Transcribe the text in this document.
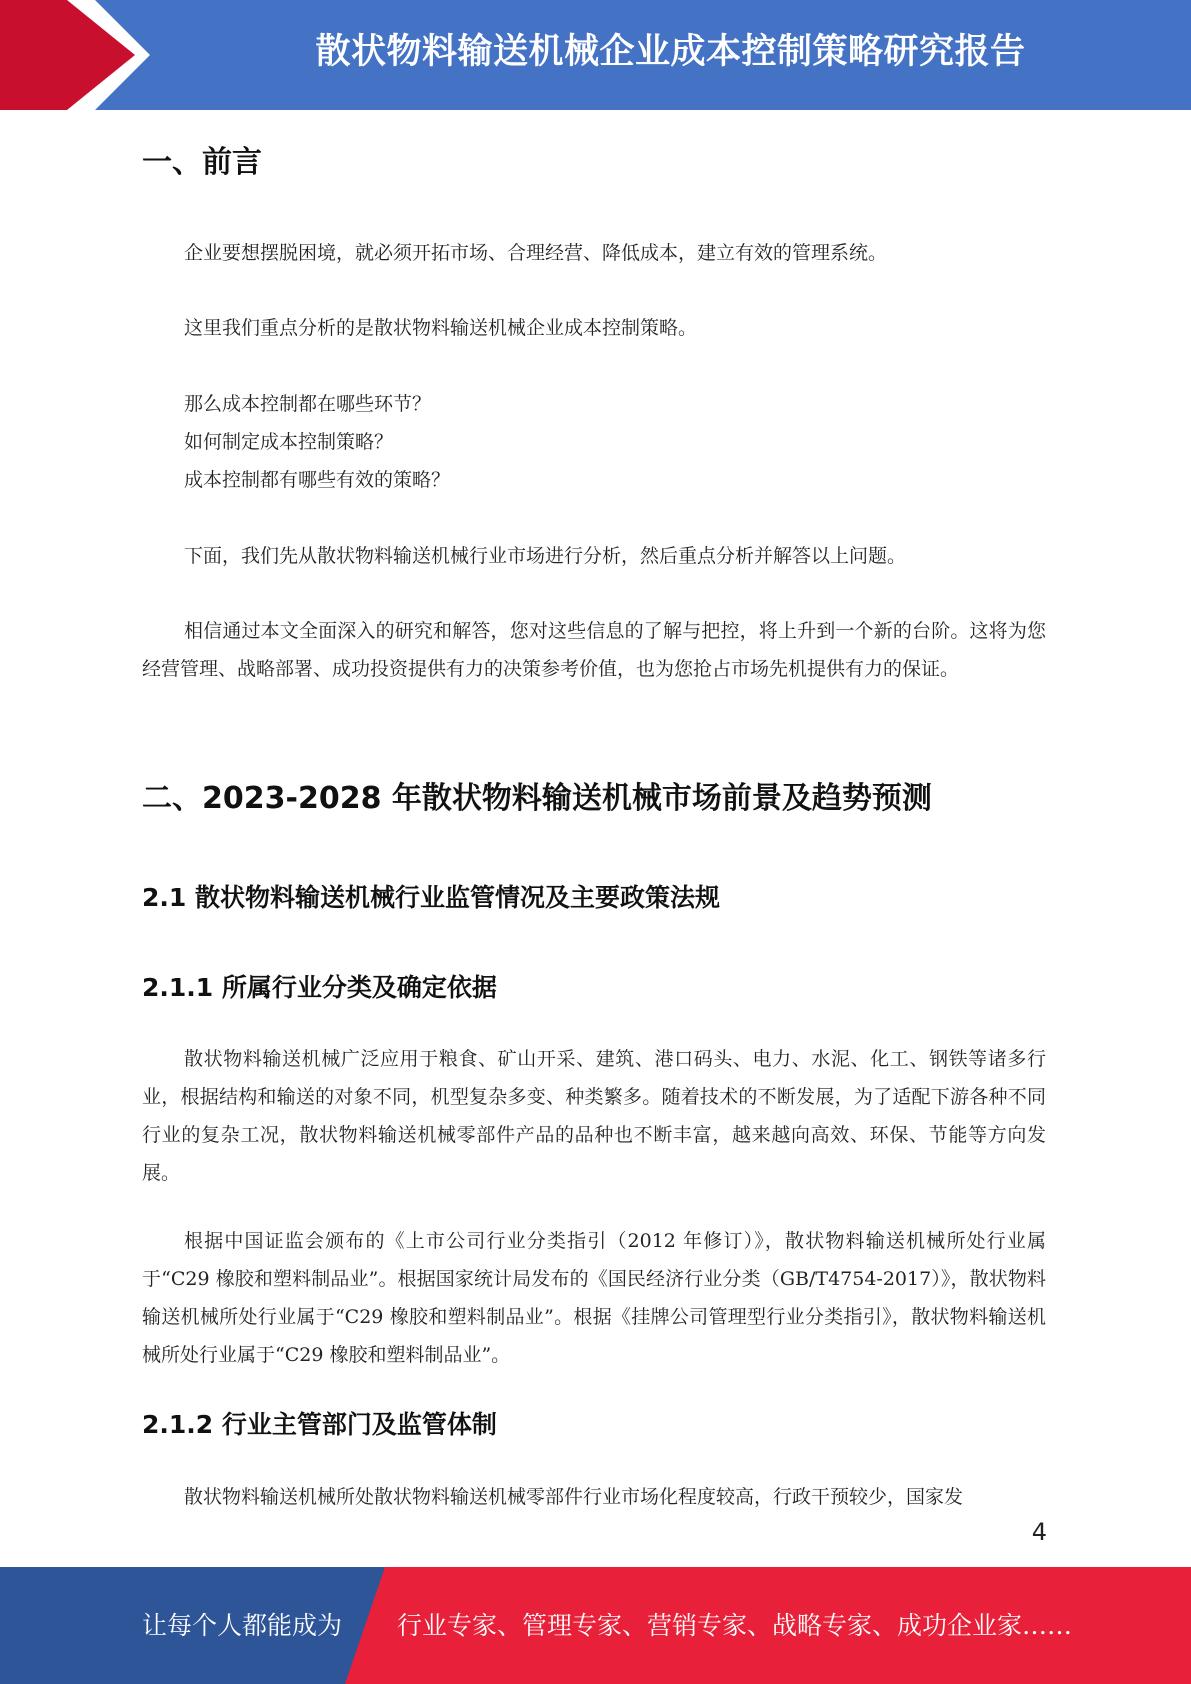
散状物料输送机械企业成本控制策略研究报告
一、前言

企业要想摆脱困境，就必须开拓市场、合理经营、降低成本，建立有效的管理系统。

这里我们重点分析的是散状物料输送机械企业成本控制策略。

那么成本控制都在哪些环节？
如何制定成本控制策略？
成本控制都有哪些有效的策略？

下面，我们先从散状物料输送机械行业市场进行分析，然后重点分析并解答以上问题。

相信通过本文全面深入的研究和解答，您对这些信息的了解与把控，将上升到一个新的台阶。这将为您经营管理、战略部署、成功投资提供有力的决策参考价值，也为您抢占市场先机提供有力的保证。

二、2023-2028 年散状物料输送机械市场前景及趋势预测
2.1 散状物料输送机械行业监管情况及主要政策法规
2.1.1 所属行业分类及确定依据

散状物料输送机械广泛应用于粮食、矿山开采、建筑、港口码头、电力、水泥、化工、钢铁等诸多行业，根据结构和输送的对象不同，机型复杂多变、种类繁多。随着技术的不断发展，为了适配下游各种不同行业的复杂工况，散状物料输送机械零部件产品的品种也不断丰富，越来越向高效、环保、节能等方向发展。

根据中国证监会颁布的《上市公司行业分类指引（2012 年修订）》，散状物料输送机械所处行业属于“C29 橡胶和塑料制品业”。根据国家统计局发布的《国民经济行业分类（GB/T4754-2017）》，散状物料输送机械所处行业属于“C29 橡胶和塑料制品业”。根据《挂牌公司管理型行业分类指引》，散状物料输送机械所处行业属于“C29 橡胶和塑料制品业”。

2.1.2 行业主管部门及监管体制

散状物料输送机械所处散状物料输送机械零部件行业市场化程度较高，行政干预较少，国家发

4
让每个人都能成为 行业专家、管理专家、营销专家、战略专家、成功企业家……
